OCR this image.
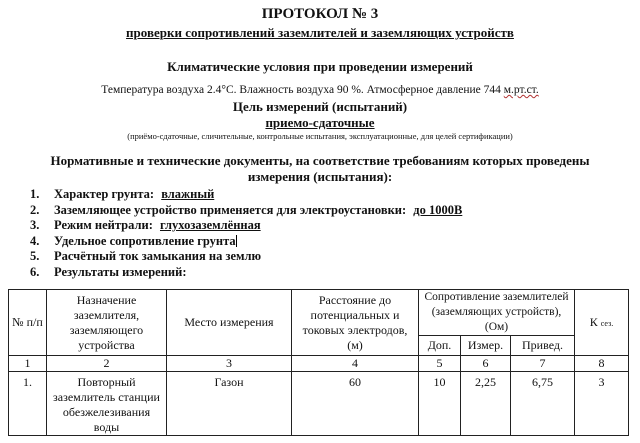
ПРОТОКОЛ № 3
проверки сопротивлений заземлителей и заземляющих устройств
Климатические условия при проведении измерений
Температура воздуха 2.4°С. Влажность воздуха 90 %. Атмосферное давление 744 м.рт.ст.
Цель измерений (испытаний)
приемо-сдаточные
(приёмо-сдаточные, сличительные, контрольные испытания, эксплуатационные, для целей сертификации)
Нормативные и технические документы, на соответствие требованиям которых проведены
измерения (испытания):
1. Характер грунта: влажный
2. Заземляющее устройство применяется для электроустановки: до 1000В
3. Режим нейтрали: глухозаземлённая
4. Удельное сопротивление грунта
5. Расчётный ток замыкания на землю
6. Результаты измерений:
№ п/п	Назначение заземлителя, заземляющего устройства	Место измерения	Расстояние до потенциальных и токовых электродов, (м)	Сопротивление заземлителей (заземляющих устройств), (Ом)			К сез.
				Доп.	Измер.	Привед.	
1	2	3	4	5	6	7	8
1.	Повторный заземлитель станции обезжелезивания воды	Газон	60	10	2,25	6,75	3
